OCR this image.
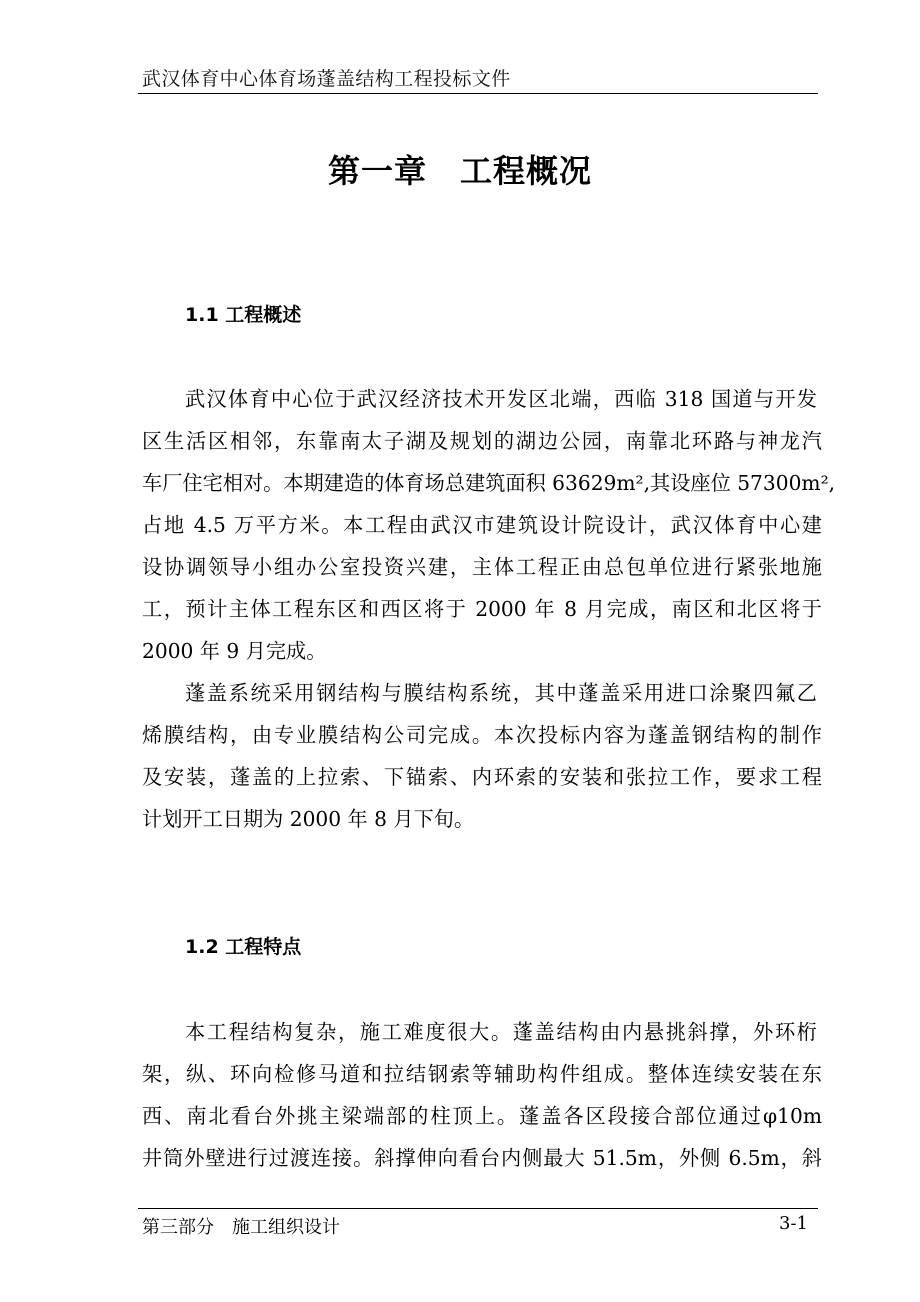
武汉体育中心体育场蓬盖结构工程投标文件
第一章　工程概况
1.1 工程概述
武汉体育中心位于武汉经济技术开发区北端，西临 318 国道与开发
区生活区相邻，东靠南太子湖及规划的湖边公园，南靠北环路与神龙汽
车厂住宅相对。本期建造的体育场总建筑面积 63629m²,其设座位 57300m²,
占地 4.5 万平方米。本工程由武汉市建筑设计院设计，武汉体育中心建
设协调领导小组办公室投资兴建，主体工程正由总包单位进行紧张地施
工，预计主体工程东区和西区将于 2000 年 8 月完成，南区和北区将于
2000 年 9 月完成。
蓬盖系统采用钢结构与膜结构系统，其中蓬盖采用进口涂聚四氟乙
烯膜结构，由专业膜结构公司完成。本次投标内容为蓬盖钢结构的制作
及安装，蓬盖的上拉索、下锚索、内环索的安装和张拉工作，要求工程
计划开工日期为 2000 年 8 月下旬。
1.2 工程特点
本工程结构复杂，施工难度很大。蓬盖结构由内悬挑斜撑，外环桁
架，纵、环向检修马道和拉结钢索等辅助构件组成。整体连续安装在东
西、南北看台外挑主梁端部的柱顶上。蓬盖各区段接合部位通过φ10m
井筒外壁进行过渡连接。斜撑伸向看台内侧最大 51.5m，外侧 6.5m，斜
第三部分　施工组织设计	3-1
